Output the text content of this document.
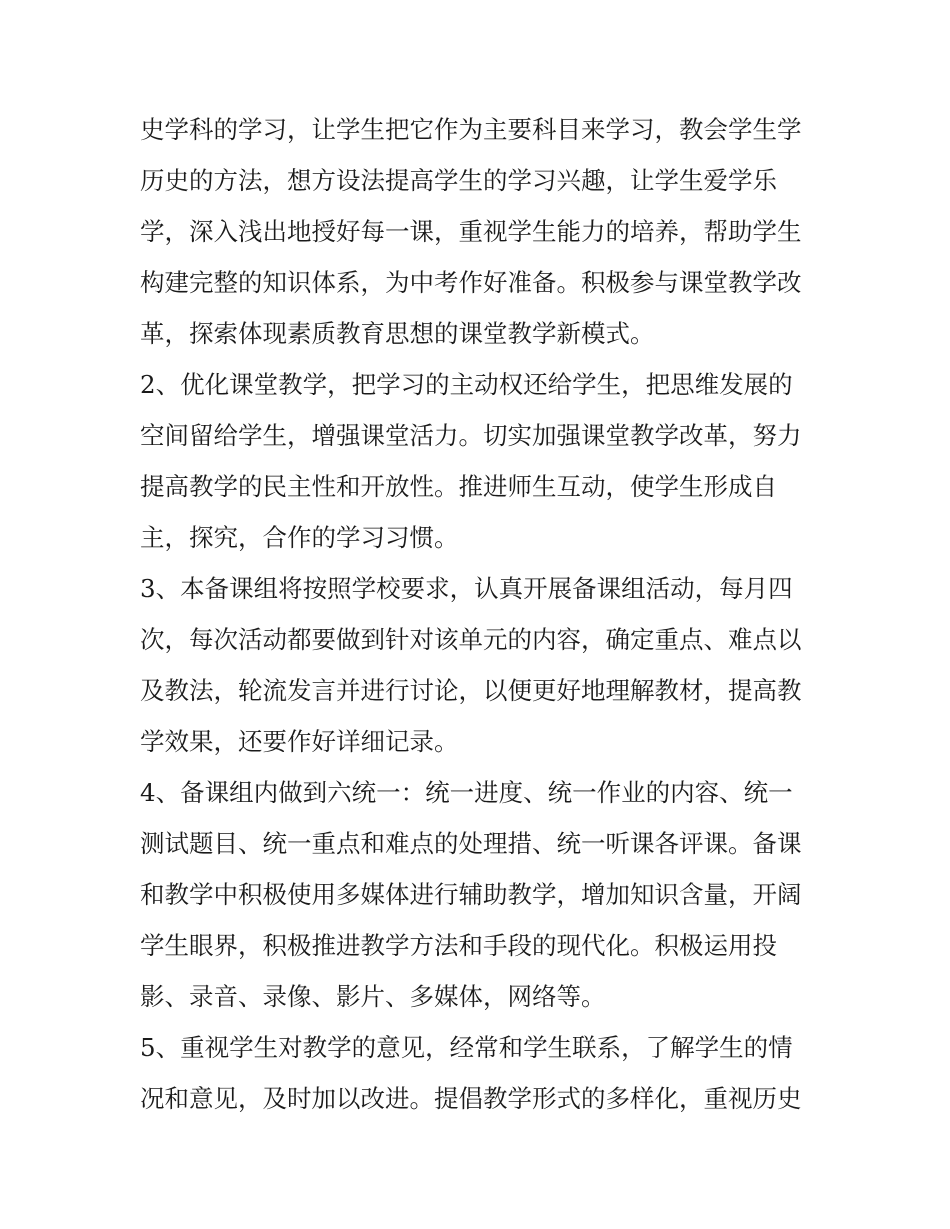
史学科的学习，让学生把它作为主要科目来学习，教会学生学
历史的方法，想方设法提高学生的学习兴趣，让学生爱学乐
学，深入浅出地授好每一课，重视学生能力的培养，帮助学生
构建完整的知识体系，为中考作好准备。积极参与课堂教学改
革，探索体现素质教育思想的课堂教学新模式。
2、优化课堂教学，把学习的主动权还给学生，把思维发展的
空间留给学生，增强课堂活力。切实加强课堂教学改革，努力
提高教学的民主性和开放性。推进师生互动，使学生形成自
主，探究，合作的学习习惯。
3、本备课组将按照学校要求，认真开展备课组活动，每月四
次，每次活动都要做到针对该单元的内容，确定重点、难点以
及教法，轮流发言并进行讨论，以便更好地理解教材，提高教
学效果，还要作好详细记录。
4、备课组内做到六统一：统一进度、统一作业的内容、统一
测试题目、统一重点和难点的处理措、统一听课各评课。备课
和教学中积极使用多媒体进行辅助教学，增加知识含量，开阔
学生眼界，积极推进教学方法和手段的现代化。积极运用投
影、录音、录像、影片、多媒体，网络等。
5、重视学生对教学的意见，经常和学生联系，了解学生的情
况和意见，及时加以改进。提倡教学形式的多样化，重视历史
